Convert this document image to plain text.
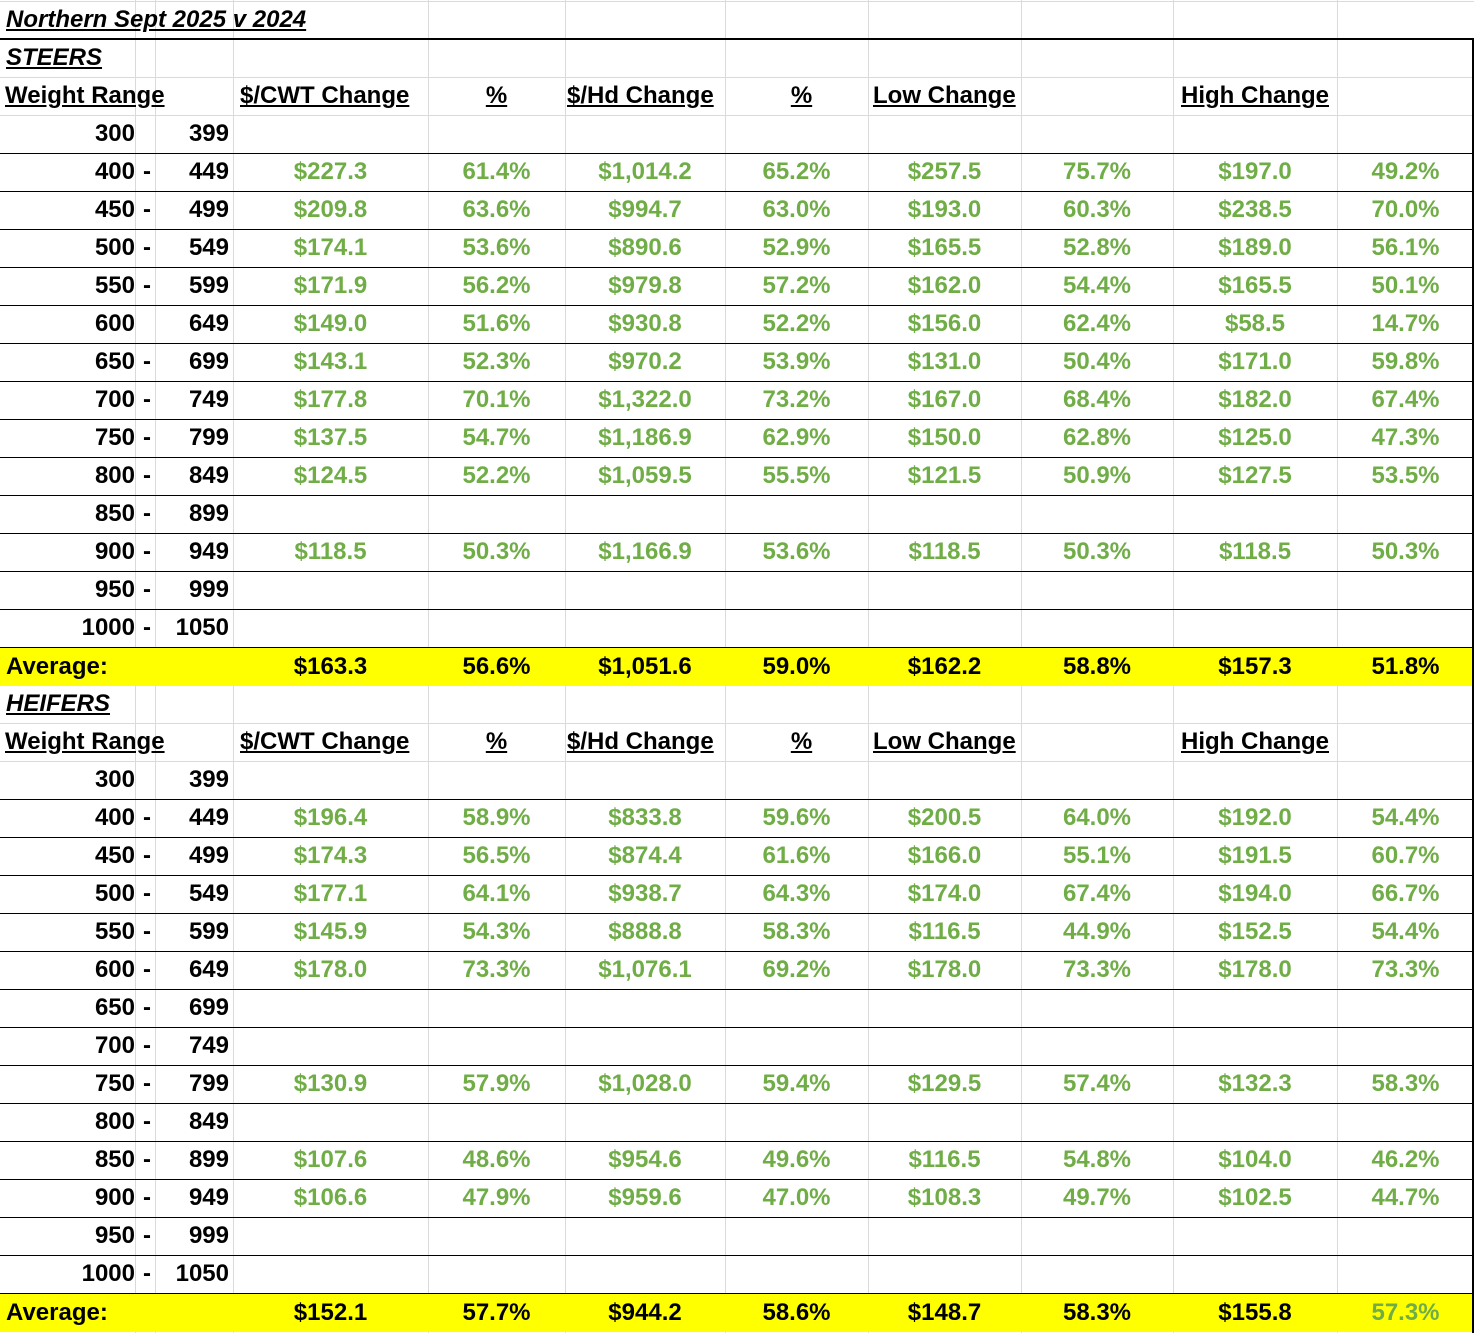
Northern Sept 2025 v 2024
STEERS
Weight Range	$/CWT Change	%	$/Hd Change	%	Low Change	High Change
300	399
400 -	449	$227.3	61.4%	$1,014.2	65.2%	$257.5	75.7%	$197.0	49.2%
450 -	499	$209.8	63.6%	$994.7	63.0%	$193.0	60.3%	$238.5	70.0%
500 -	549	$174.1	53.6%	$890.6	52.9%	$165.5	52.8%	$189.0	56.1%
550 -	599	$171.9	56.2%	$979.8	57.2%	$162.0	54.4%	$165.5	50.1%
600	649	$149.0	51.6%	$930.8	52.2%	$156.0	62.4%	$58.5	14.7%
650 -	699	$143.1	52.3%	$970.2	53.9%	$131.0	50.4%	$171.0	59.8%
700 -	749	$177.8	70.1%	$1,322.0	73.2%	$167.0	68.4%	$182.0	67.4%
750 -	799	$137.5	54.7%	$1,186.9	62.9%	$150.0	62.8%	$125.0	47.3%
800 -	849	$124.5	52.2%	$1,059.5	55.5%	$121.5	50.9%	$127.5	53.5%
850 -	899
900 -	949	$118.5	50.3%	$1,166.9	53.6%	$118.5	50.3%	$118.5	50.3%
950 -	999
1000 -	1050
Average:	$163.3	56.6%	$1,051.6	59.0%	$162.2	58.8%	$157.3	51.8%
HEIFERS
Weight Range	$/CWT Change	%	$/Hd Change	%	Low Change	High Change
300	399
400 -	449	$196.4	58.9%	$833.8	59.6%	$200.5	64.0%	$192.0	54.4%
450 -	499	$174.3	56.5%	$874.4	61.6%	$166.0	55.1%	$191.5	60.7%
500 -	549	$177.1	64.1%	$938.7	64.3%	$174.0	67.4%	$194.0	66.7%
550 -	599	$145.9	54.3%	$888.8	58.3%	$116.5	44.9%	$152.5	54.4%
600 -	649	$178.0	73.3%	$1,076.1	69.2%	$178.0	73.3%	$178.0	73.3%
650 -	699
700 -	749
750 -	799	$130.9	57.9%	$1,028.0	59.4%	$129.5	57.4%	$132.3	58.3%
800 -	849
850 -	899	$107.6	48.6%	$954.6	49.6%	$116.5	54.8%	$104.0	46.2%
900 -	949	$106.6	47.9%	$959.6	47.0%	$108.3	49.7%	$102.5	44.7%
950 -	999
1000 -	1050
Average:	$152.1	57.7%	$944.2	58.6%	$148.7	58.3%	$155.8	57.3%
